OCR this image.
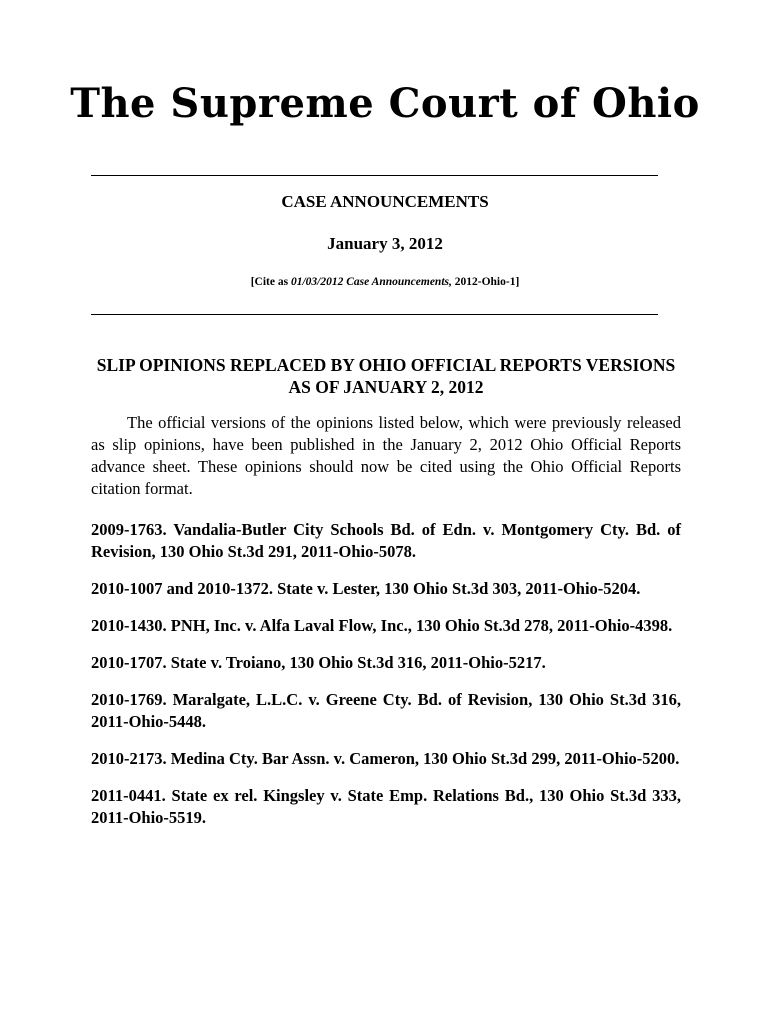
The Supreme Court of Ohio
CASE ANNOUNCEMENTS
January 3, 2012
[Cite as 01/03/2012 Case Announcements, 2012-Ohio-1]
SLIP OPINIONS REPLACED BY OHIO OFFICIAL REPORTS VERSIONS
AS OF JANUARY 2, 2012

The official versions of the opinions listed below, which were previously released as slip opinions, have been published in the January 2, 2012 Ohio Official Reports advance sheet. These opinions should now be cited using the Ohio Official Reports citation format.

2009-1763. Vandalia-Butler City Schools Bd. of Edn. v. Montgomery Cty. Bd. of Revision, 130 Ohio St.3d 291, 2011-Ohio-5078.

2010-1007 and 2010-1372. State v. Lester, 130 Ohio St.3d 303, 2011-Ohio-5204.

2010-1430. PNH, Inc. v. Alfa Laval Flow, Inc., 130 Ohio St.3d 278, 2011-Ohio-4398.

2010-1707. State v. Troiano, 130 Ohio St.3d 316, 2011-Ohio-5217.

2010-1769. Maralgate, L.L.C. v. Greene Cty. Bd. of Revision, 130 Ohio St.3d 316, 2011-Ohio-5448.

2010-2173. Medina Cty. Bar Assn. v. Cameron, 130 Ohio St.3d 299, 2011-Ohio-5200.

2011-0441. State ex rel. Kingsley v. State Emp. Relations Bd., 130 Ohio St.3d 333, 2011-Ohio-5519.
